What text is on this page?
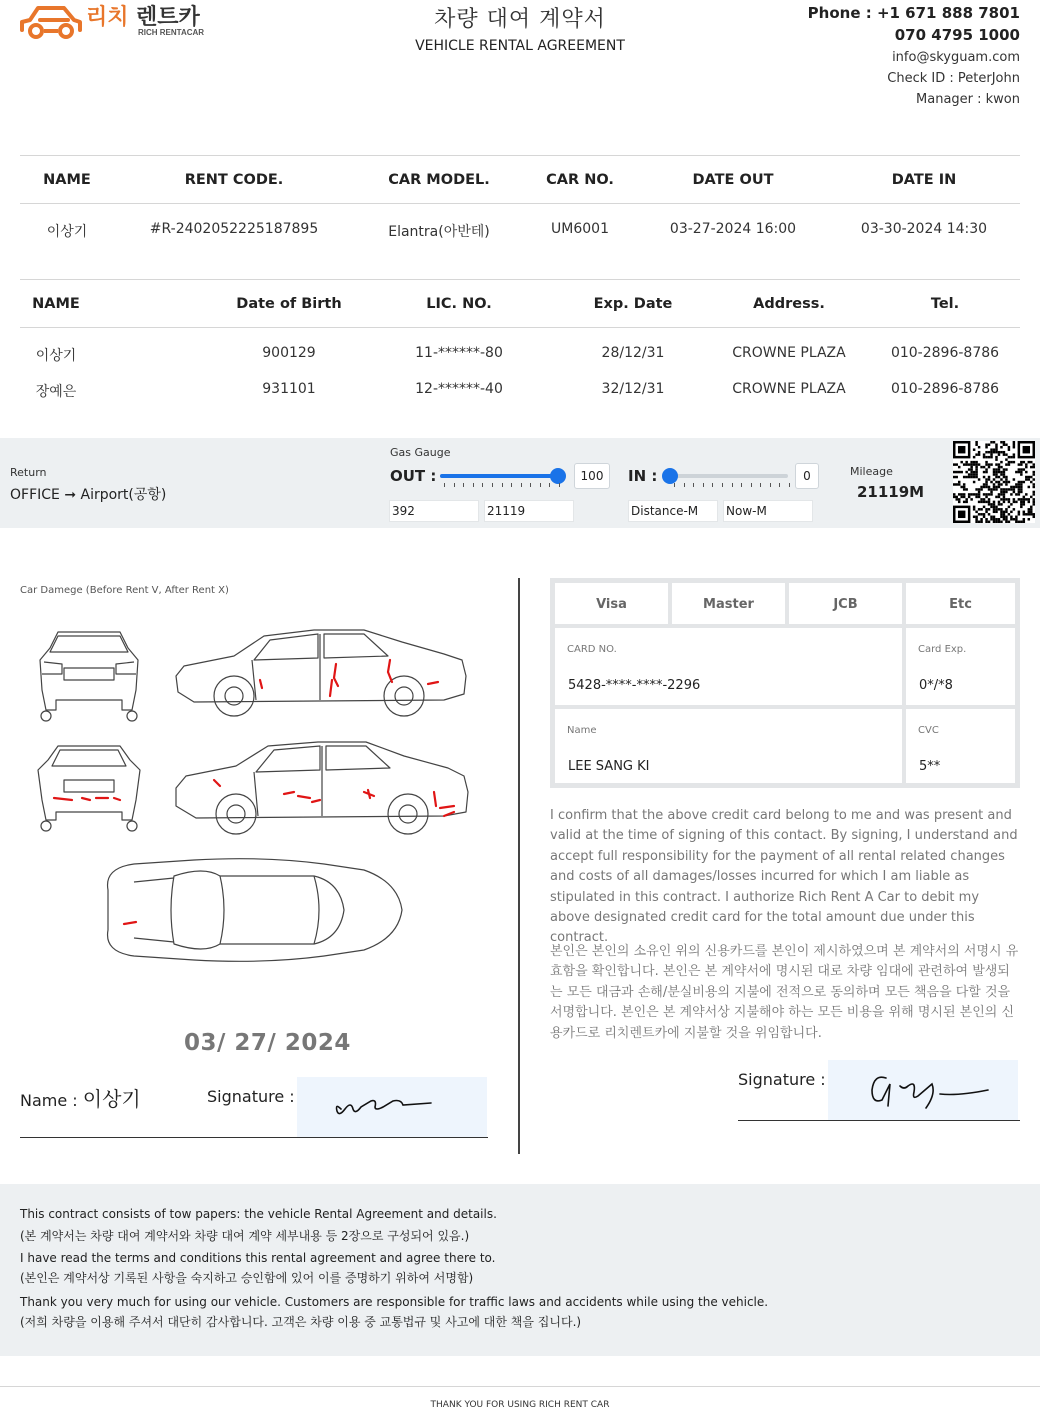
리치 렌트카
RICH RENTACAR
차량 대여 계약서
VEHICLE RENTAL AGREEMENT
Phone : +1 671 888 7801
070 4795 1000
info@skyguam.com
Check ID : PeterJohn
Manager : kwon
NAME	RENT CODE.	CAR MODEL.	CAR NO.	DATE OUT	DATE IN
이상기	#R-2402052225187895	Elantra(아반테)	UM6001	03-27-2024 16:00	03-30-2024 14:30
NAME	Date of Birth	LIC. NO.	Exp. Date	Address.	Tel.
이상기	900129	11-******-80	28/12/31	CROWNE PLAZA	010-2896-8786
장예은	931101	12-******-40	32/12/31	CROWNE PLAZA	010-2896-8786
Return
OFFICE ➞ Airport(공항)
Gas Gauge
OUT :	100	IN :	0
392	21119	Distance-M	Now-M
Mileage
21119M
Car Damege (Before Rent V, After Rent X)
03/ 27/ 2024
Name : 이상기	Signature :
Visa	Master	JCB	Etc
CARD NO.
5428-****-****-2296
Card Exp.
0*/*8
Name
LEE SANG KI
CVC
5**
I confirm that the above credit card belong to me and was present and valid at the time of signing of this contact. By signing, I understand and accept full responsibility for the payment of all rental related changes and costs of all damages/losses incurred for which I am liable as stipulated in this contract. I authorize Rich Rent A Car to debit my above designated credit card for the total amount due under this contract.
본인은 본인의 소유인 위의 신용카드를 본인이 제시하였으며 본 계약서의 서명시 유효함을 확인합니다. 본인은 본 계약서에 명시된 대로 차량 임대에 관련하여 발생되는 모든 대금과 손해/분실비용의 지불에 전적으로 동의하며 모든 책음을 다할 것을 서명합니다. 본인은 본 계약서상 지불해야 하는 모든 비용을 위해 명시된 본인의 신용카드로 리치렌트카에 지불할 것을 위임합니다.
Signature :
This contract consists of tow papers: the vehicle Rental Agreement and details.
(본 계약서는 차량 대여 계약서와 차량 대여 계약 세부내용 등 2장으로 구성되어 있음.)
I have read the terms and conditions this rental agreement and agree there to.
(본인은 계약서상 기록된 사항을 숙지하고 승인함에 있어 이를 증명하기 위하여 서명함)
Thank you very much for using our vehicle. Customers are responsible for traffic laws and accidents while using the vehicle.
(저희 차량을 이용해 주셔서 대단히 감사합니다. 고객은 차량 이용 중 교통법규 및 사고에 대한 책을 집니다.)
THANK YOU FOR USING RICH RENT CAR
